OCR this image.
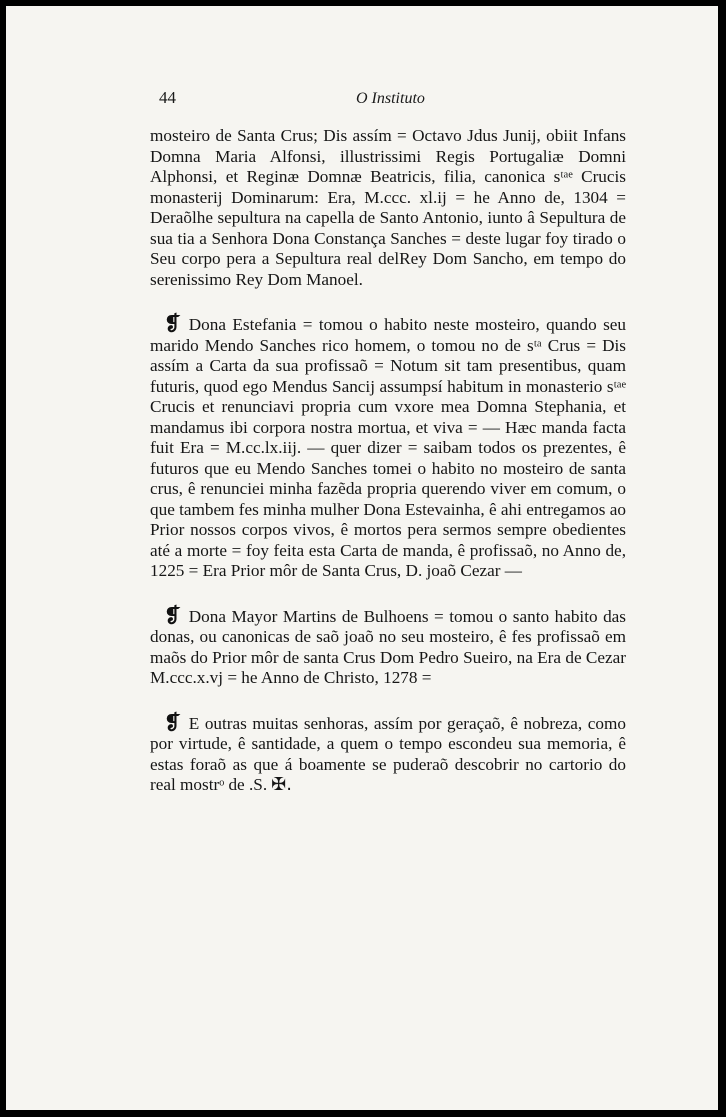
44	O Instituto

mosteiro de Santa Crus; Dis assím = Octavo Jdus Junij, obiit Infans Domna Maria Alfonsi, illustrissimi Regis Portugaliæ Domni Alphonsi, et Reginæ Domnæ Beatricis, filia, canonica sᵗᵃᵉ Crucis monasterij Dominarum: Era, M.ccc. xl.ij = he Anno de, 1304 = Deraõlhe sepultura na capella de Santo Antonio, iunto â Sepultura de sua tia a Senhora Dona Constança Sanches = deste lugar foy tirado o Seu corpo pera a Sepultura real delRey Dom Sancho, em tempo do serenissimo Rey Dom Manoel.

❡ Dona Estefania = tomou o habito neste mosteiro, quando seu marido Mendo Sanches rico homem, o tomou no de sᵗᵃ Crus = Dis assím a Carta da sua profissaõ = Notum sit tam presentibus, quam futuris, quod ego Mendus Sancij assumpsí habitum in monasterio sᵗᵃᵉ Crucis et renunciavi propria cum vxore mea Domna Stephania, et mandamus ibi corpora nostra mortua, et viva = — Hæc manda facta fuit Era = M.cc.lx.iij. — quer dizer = saibam todos os prezentes, ê futuros que eu Mendo Sanches tomei o habito no mosteiro de santa crus, ê renunciei minha fazẽda propria querendo viver em comum, o que tambem fes minha mulher Dona Estevainha, ê ahi entregamos ao Prior nossos corpos vivos, ê mortos pera sermos sempre obedientes até a morte = foy feita esta Carta de manda, ê profissaõ, no Anno de, 1225 = Era Prior môr de Santa Crus, D. joaõ Cezar —

❡ Dona Mayor Martins de Bulhoens = tomou o santo habito das donas, ou canonicas de saõ joaõ no seu mosteiro, ê fes profissaõ em maõs do Prior môr de santa Crus Dom Pedro Sueiro, na Era de Cezar M.ccc.x.vj = he Anno de Christo, 1278 =

❡ E outras muitas senhoras, assím por geraçaõ, ê nobreza, como por virtude, ê santidade, a quem o tempo escondeu sua memoria, ê estas foraõ as que á boamente se puderaõ descobrir no cartorio do real mostrᵒ de .S. ✠.
